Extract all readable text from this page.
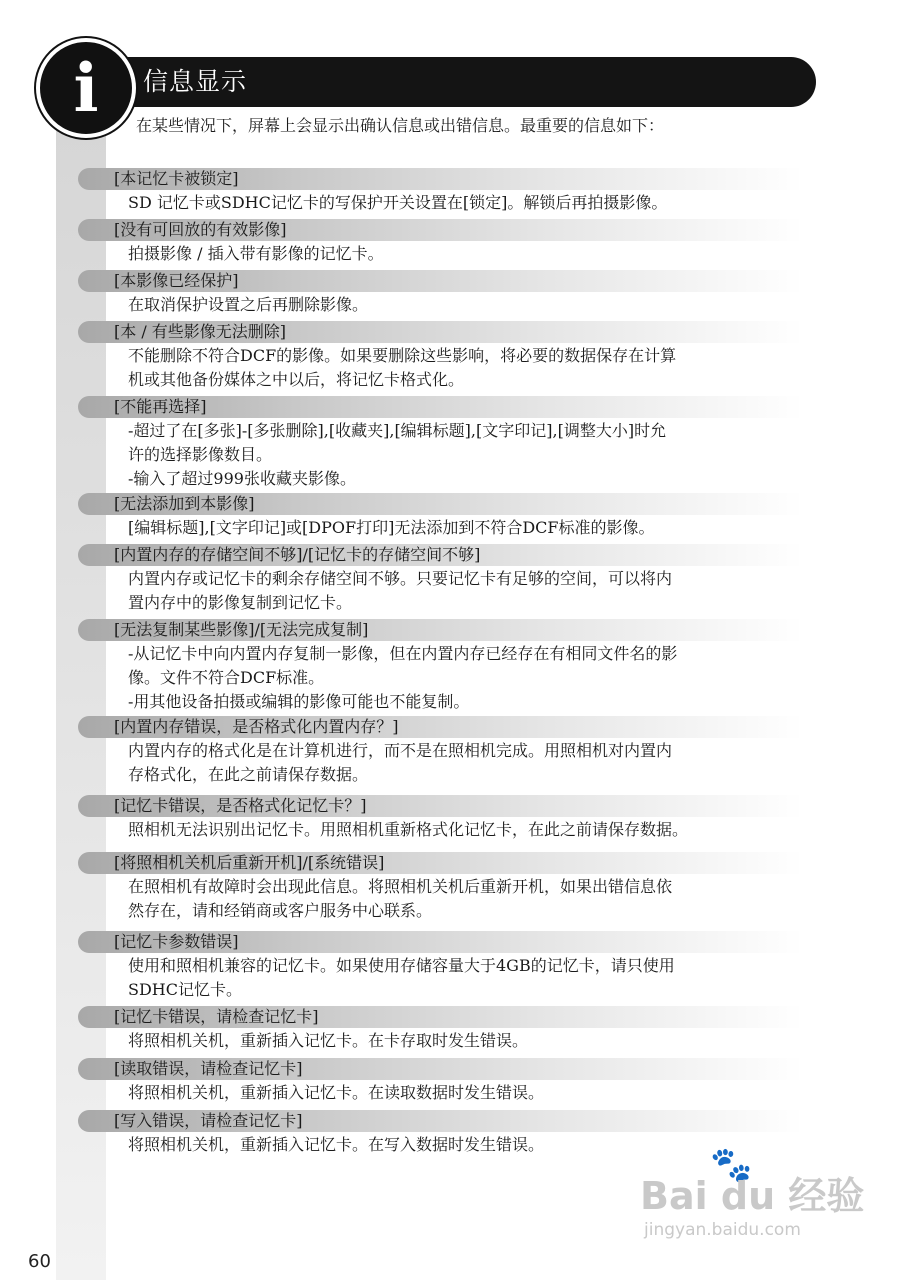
信息显示
i	在某些情况下，屏幕上会显示出确认信息或出错信息。最重要的信息如下：
[本记忆卡被锁定]
SD 记忆卡或SDHC记忆卡的写保护开关设置在[锁定]。解锁后再拍摄影像。
[没有可回放的有效影像]
拍摄影像 / 插入带有影像的记忆卡。
[本影像已经保护]
在取消保护设置之后再删除影像。
[本 / 有些影像无法删除]
不能删除不符合DCF的影像。如果要删除这些影响，将必要的数据保存在计算
机或其他备份媒体之中以后，将记忆卡格式化。
[不能再选择]
-超过了在[多张]-[多张删除],[收藏夹],[编辑标题],[文字印记],[调整大小]时允
许的选择影像数目。
-输入了超过999张收藏夹影像。
[无法添加到本影像]
[编辑标题],[文字印记]或[DPOF打印]无法添加到不符合DCF标准的影像。
[内置内存的存储空间不够]/[记忆卡的存储空间不够]
内置内存或记忆卡的剩余存储空间不够。只要记忆卡有足够的空间，可以将内
置内存中的影像复制到记忆卡。
[无法复制某些影像]/[无法完成复制]
-从记忆卡中向内置内存复制一影像，但在内置内存已经存在有相同文件名的影
像。文件不符合DCF标准。
-用其他设备拍摄或编辑的影像可能也不能复制。
[内置内存错误，是否格式化内置内存？]
内置内存的格式化是在计算机进行，而不是在照相机完成。用照相机对内置内
存格式化，在此之前请保存数据。
[记忆卡错误，是否格式化记忆卡？]
照相机无法识别出记忆卡。用照相机重新格式化记忆卡，在此之前请保存数据。
[将照相机关机后重新开机]/[系统错误]
在照相机有故障时会出现此信息。将照相机关机后重新开机，如果出错信息依
然存在，请和经销商或客户服务中心联系。
[记忆卡参数错误]
使用和照相机兼容的记忆卡。如果使用存储容量大于4GB的记忆卡，请只使用
SDHC记忆卡。
[记忆卡错误，请检查记忆卡]
将照相机关机，重新插入记忆卡。在卡存取时发生错误。
[读取错误，请检查记忆卡]
将照相机关机，重新插入记忆卡。在读取数据时发生错误。
[写入错误，请检查记忆卡]
将照相机关机，重新插入记忆卡。在写入数据时发生错误。
🐾
Bai du 经验
jingyan.baidu.com
60
